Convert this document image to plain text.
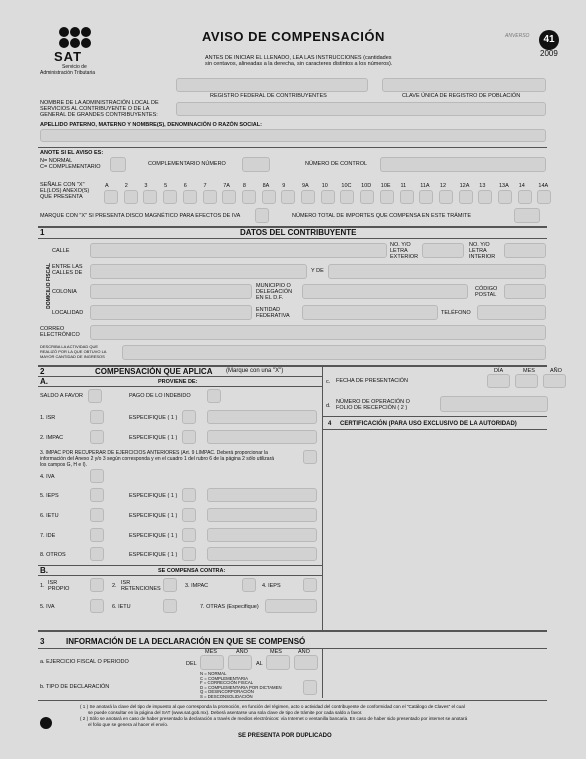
SAT
Servicio de
Administración Tributaria
AVISO DE COMPENSACIÓN
ANTES DE INICIAR EL LLENADO, LEA LAS INSTRUCCIONES (cantidades
sin centavos, alineadas a la derecha, sin caracteres distintos a los números).
ANVERSO	41
2009
REGISTRO FEDERAL DE CONTRIBUYENTES	CLAVE ÚNICA DE REGISTRO DE POBLACIÓN
NOMBRE DE LA ADMINISTRACIÓN LOCAL DE
SERVICIOS AL CONTRIBUYENTE O DE LA
GENERAL DE GRANDES CONTRIBUYENTES:
APELLIDO PATERNO, MATERNO Y NOMBRE(S), DENOMINACIÓN O RAZÓN SOCIAL:
ANOTE SI EL AVISO ES:
N= NORMAL
C= COMPLEMENTARIO	COMPLEMENTARIO NÚMERO	NÚMERO DE CONTROL
SEÑALE CON "X"
EL(LOS) ANEXO(S)
QUE PRESENTA
A	2	3	5	6	7	7A 8	8A 9	9A 10 10C 10D 10E 11	11A 12 12A 13 13A 14 14A
MARQUE CON "X" SI PRESENTA DISCO MAGNÉTICO PARA EFECTOS DE IVA	NÚMERO TOTAL DE IMPORTES QUE COMPENSA EN ESTE TRÁMITE
1	DATOS DEL CONTRIBUYENTE
DOMICILIO FISCAL
CALLE
NO. Y/O
LETRA
EXTERIOR
NO. Y/O
LETRA
INTERIOR
ENTRE LAS
CALLES DE	Y DE
COLONIA
MUNICIPIO O
DELEGACIÓN
EN EL D.F.
CÓDIGO
POSTAL
LOCALIDAD	ENTIDAD
FEDERATIVA	TELÉFONO
CORREO
ELECTRÓNICO
DESCRIBA LA ACTIVIDAD QUE
REALIZÓ POR LA QUE OBTUVO LA
MAYOR CANTIDAD DE INGRESOS
2	COMPENSACIÓN QUE APLICA (Marque con una "X")
A.	PROVIENE DE:
SALDO A FAVOR	PAGO DE LO INDEBIDO
1. ISR	ESPECIFIQUE ( 1 )
2. IMPAC	ESPECIFIQUE ( 1 )
4. IVA
5. IEPS	ESPECIFIQUE ( 1 )
6. IETU	ESPECIFIQUE ( 1 )
7. IDE	ESPECIFIQUE ( 1 )
8. OTROS	ESPECIFIQUE ( 1 )
3. IMPAC POR RECUPERAR DE EJERCICIOS ANTERIORES (Art. 9 LIMPAC. Deberá proporcionar la
información del Anexo 2 y/o 3 según corresponda y en el cuadro 1 del rubro 6 de la página 2 sólo utilizará
los campos G, H e I).
B.	SE COMPENSA CONTRA:
1. ISR
PROPIO	2. ISR
RETENCIONES	3. IMPAC	4. IEPS
5. IVA	6. IETU	7. OTRAS (Especifique)
c. FECHA DE PRESENTACIÓN
DÍA	MES	AÑO
d.
NÚMERO DE OPERACIÓN O
FOLIO DE RECEPCIÓN ( 2 )
4 CERTIFICACIÓN (PARA USO EXCLUSIVO DE LA AUTORIDAD)
3	INFORMACIÓN DE LA DECLARACIÓN EN QUE SE COMPENSÓ
a. EJERCICIO FISCAL O PERIODO	DEL
MES	AÑO
AL
MES	AÑO
b. TIPO DE DECLARACIÓN
N = NORMAL
C = COMPLEMENTARIA
F = CORRECCIÓN FISCAL
D = COMPLEMENTARIA POR DICTAMEN
Q = DESINCORPORACIÓN
S = DESCONSOLIDACIÓN
( 1 ) Se anotará la clave del tipo de impuesto al que corresponda la promoción, en función del régimen, acto o actividad del contribuyente de conformidad con el "Catálogo de Claves" el cual
se puede consultar en la página del SAT (www.sat.gob.mx). Deberá asentarse una sola clave de tipo de trámite por cada saldo a favor.
( 2 ) Sólo se anotará en caso de haber presentado la declaración a través de medios electrónicos: vía Internet o ventanilla bancaria. En caso de haber sido presentado por internet se anotará
el folio que se genera al hacer el envío.
SE PRESENTA POR DUPLICADO
